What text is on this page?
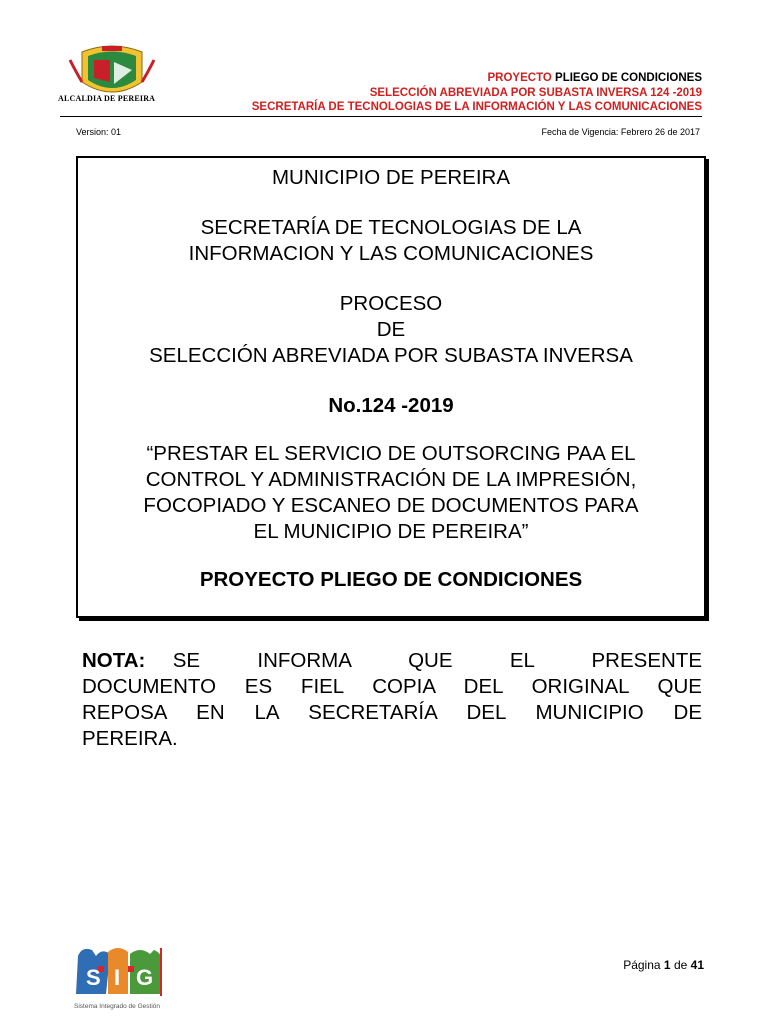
ALCALDIA DE PEREIRA
PROYECTO PLIEGO DE CONDICIONES
SELECCIÓN ABREVIADA POR SUBASTA INVERSA 124 -2019
SECRETARÍA DE TECNOLOGIAS DE LA INFORMACIÓN Y LAS COMUNICACIONES
Version: 01	Fecha de Vigencia: Febrero 26 de 2017
MUNICIPIO DE PEREIRA
SECRETARÍA DE TECNOLOGIAS DE LA
INFORMACION Y LAS COMUNICACIONES
PROCESO
DE
SELECCIÓN ABREVIADA POR SUBASTA INVERSA
No.124 -2019
“PRESTAR EL SERVICIO DE OUTSORCING PAA EL
CONTROL Y ADMINISTRACIÓN DE LA IMPRESIÓN,
FOCOPIADO Y ESCANEO DE DOCUMENTOS PARA
EL MUNICIPIO DE PEREIRA”
PROYECTO PLIEGO DE CONDICIONES
NOTA: SE INFORMA QUE EL PRESENTE
DOCUMENTO ES FIEL COPIA DEL ORIGINAL QUE
REPOSA EN LA SECRETARÍA DEL MUNICIPIO DE
PEREIRA.
S I G
Sistema Integrado de Gestión
Página 1 de 41
